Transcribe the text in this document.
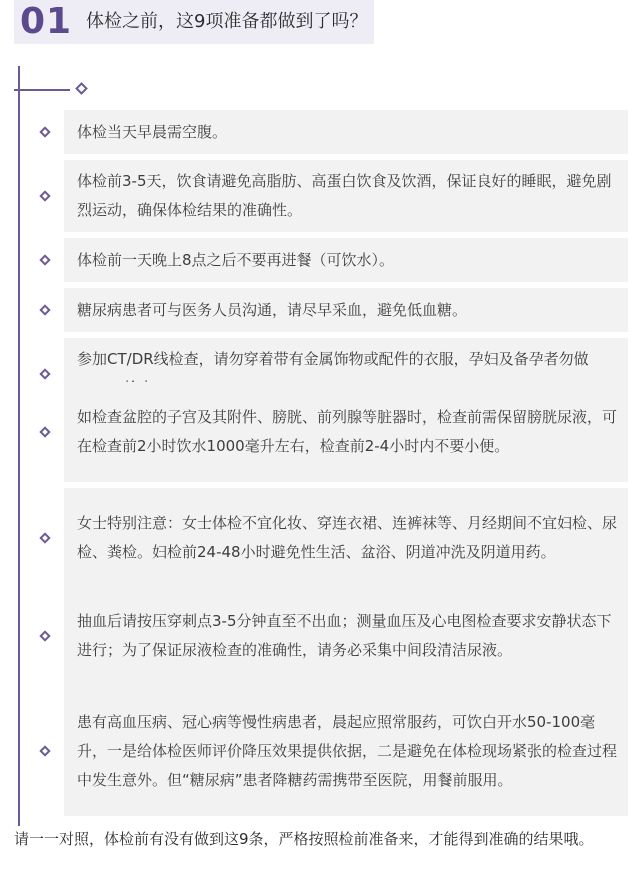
01 体检之前，这9项准备都做到了吗？
体检当天早晨需空腹。
体检前3-5天，饮食请避免高脂肪、高蛋白饮食及饮酒，保证良好的睡眠，避免剧烈运动，确保体检结果的准确性。
体检前一天晚上8点之后不要再进餐（可饮水）。
糖尿病患者可与医务人员沟通，请尽早采血，避免低血糖。
参加CT/DR线检查，请勿穿着带有金属饰物或配件的衣服，孕妇及备孕者勿做
如检查盆腔的子宫及其附件、膀胱、前列腺等脏器时，检查前需保留膀胱尿液，可在检查前2小时饮水1000毫升左右，检查前2-4小时内不要小便。
女士特别注意：女士体检不宜化妆、穿连衣裙、连裤袜等、月经期间不宜妇检、尿检、粪检。妇检前24-48小时避免性生活、盆浴、阴道冲洗及阴道用药。
抽血后请按压穿刺点3-5分钟直至不出血；测量血压及心电图检查要求安静状态下进行；为了保证尿液检查的准确性，请务必采集中间段清洁尿液。
患有高血压病、冠心病等慢性病患者，晨起应照常服药，可饮白开水50-100毫升，一是给体检医师评价降压效果提供依据，二是避免在体检现场紧张的检查过程中发生意外。但“糖尿病”患者降糖药需携带至医院，用餐前服用。
请一一对照，体检前有没有做到这9条，严格按照检前准备来，才能得到准确的结果哦。
